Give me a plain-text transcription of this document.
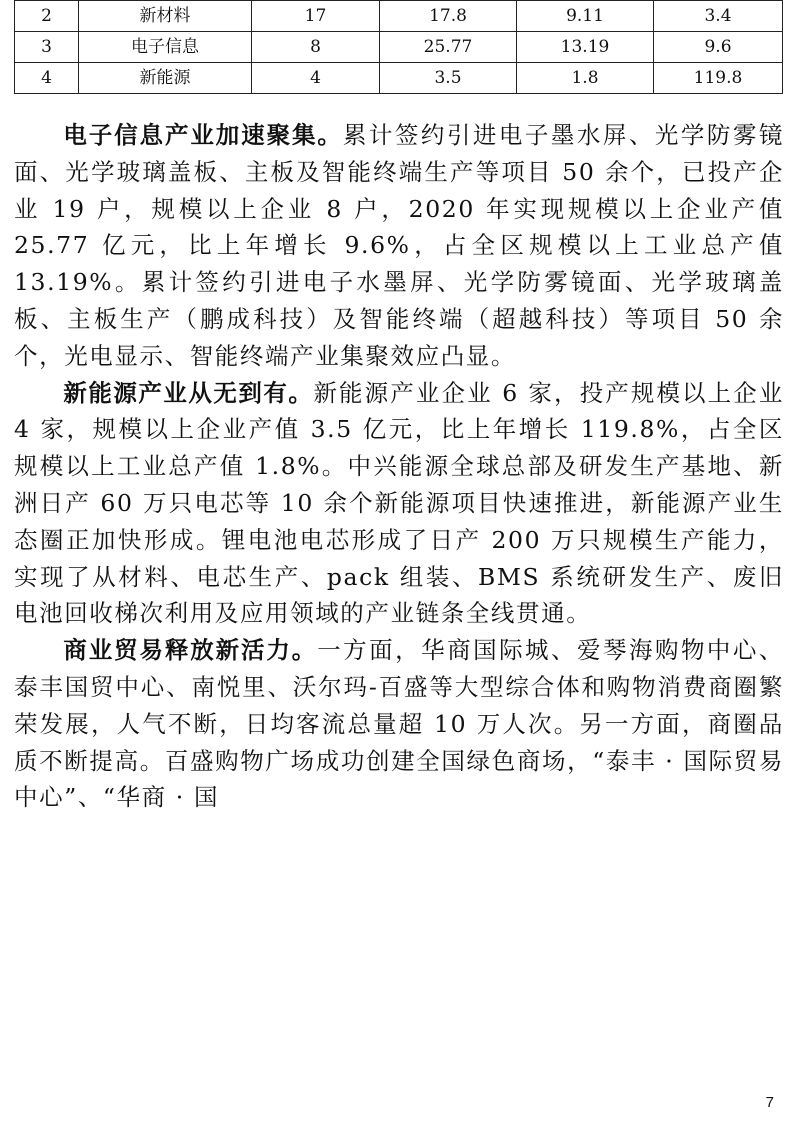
2	新材料	17	17.8	9.11	3.4
3	电子信息	8	25.77	13.19	9.6
4	新能源	4	3.5	1.8	119.8

电子信息产业加速聚集。累计签约引进电子墨水屏、光学防雾镜面、光学玻璃盖板、主板及智能终端生产等项目 50 余个，已投产企业 19 户，规模以上企业 8 户，2020 年实现规模以上企业产值 25.77 亿元，比上年增长 9.6%，占全区规模以上工业总产值 13.19%。累计签约引进电子水墨屏、光学防雾镜面、光学玻璃盖板、主板生产（鹏成科技）及智能终端（超越科技）等项目 50 余个，光电显示、智能终端产业集聚效应凸显。

新能源产业从无到有。新能源产业企业 6 家，投产规模以上企业 4 家，规模以上企业产值 3.5 亿元，比上年增长 119.8%，占全区规模以上工业总产值 1.8%。中兴能源全球总部及研发生产基地、新洲日产 60 万只电芯等 10 余个新能源项目快速推进，新能源产业生态圈正加快形成。锂电池电芯形成了日产 200 万只规模生产能力，实现了从材料、电芯生产、pack 组装、BMS 系统研发生产、废旧电池回收梯次利用及应用领域的产业链条全线贯通。

商业贸易释放新活力。一方面，华商国际城、爱琴海购物中心、泰丰国贸中心、南悦里、沃尔玛-百盛等大型综合体和购物消费商圈繁荣发展，人气不断，日均客流总量超 10 万人次。另一方面，商圈品质不断提高。百盛购物广场成功创建全国绿色商场，“泰丰 · 国际贸易中心”、“华商 · 国

7
